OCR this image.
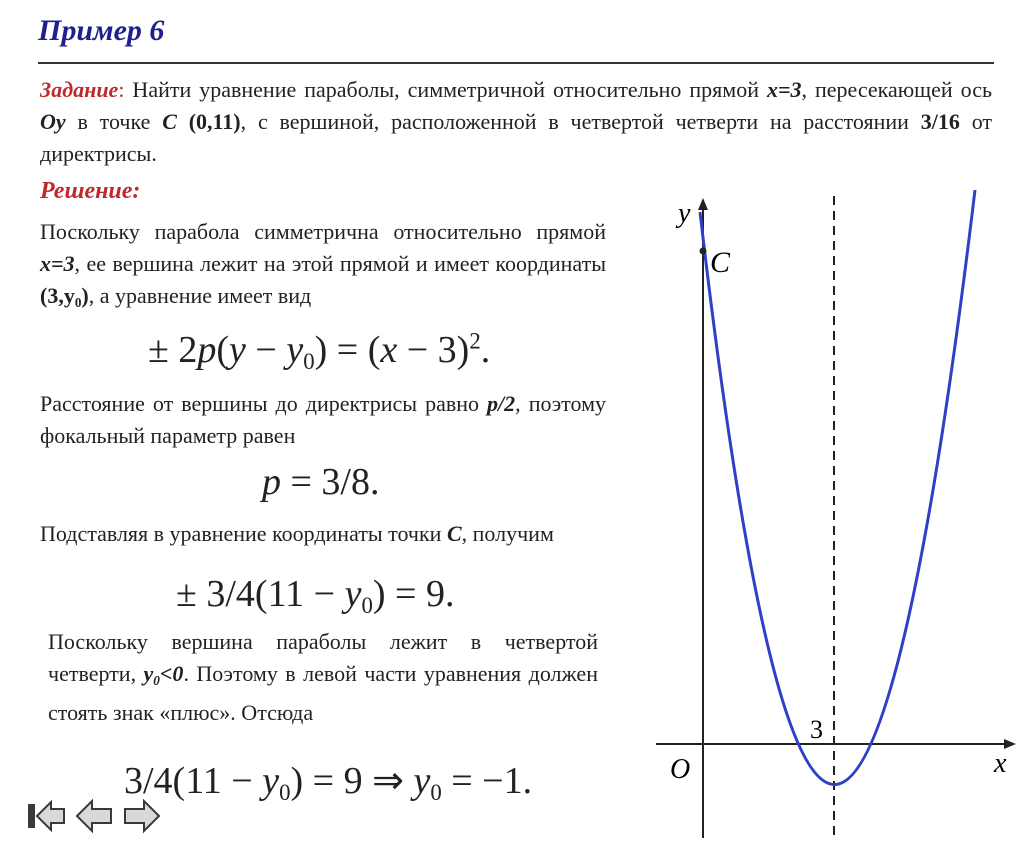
Пример 6
Задание: Найти уравнение параболы, симметричной относительно прямой x=3, пересекающей ось Oy в точке C (0,11), с вершиной, расположенной в четвертой четверти на расстоянии 3/16 от директрисы.
Решение:
Поскольку парабола симметрична относительно прямой x=3, ее вершина лежит на этой прямой и имеет координаты $(3,y_0)$, а уравнение имеет вид
± $2p(y - y_0) = (x - 3)^2$.
Расстояние от вершины до директрисы равно p/2, поэтому фокальный параметр равен
p = 3/8.
Подставляя в уравнение координаты точки C, получим
± $3/4(11 - y_0) = 9$.
Поскольку вершина параболы лежит в четвертой четверти, $y_0<0$. Поэтому в левой части уравнения должен стоять знак «плюс». Отсюда
$3/4(11 - y_0) = 9$ ⇒ $y_0 = -1$.
y
C
3
O	x
